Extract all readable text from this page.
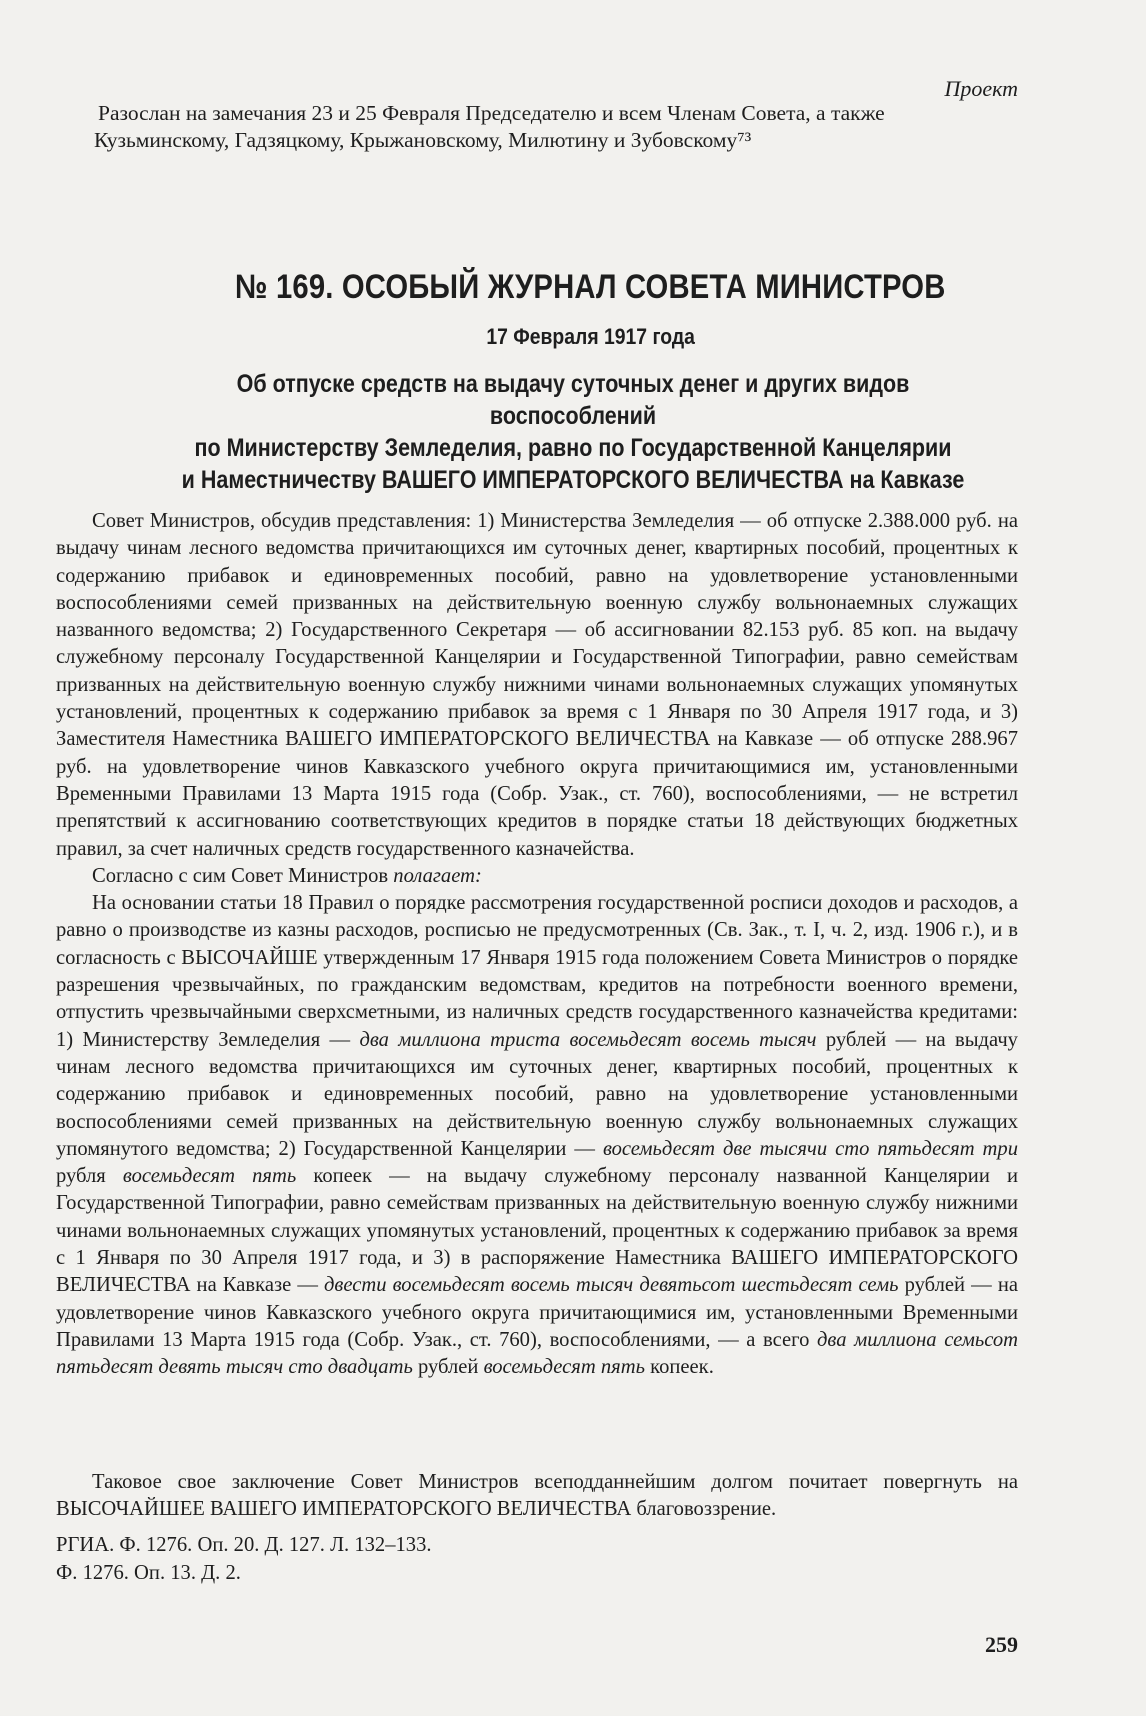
Проект
Разослан на замечания 23 и 25 Февраля Председателю и всем Членам Совета, а также Кузьминскому, Гадзяцкому, Крыжановскому, Милютину и Зубовскому⁷³
№ 169. ОСОБЫЙ ЖУРНАЛ СОВЕТА МИНИСТРОВ
17 Февраля 1917 года
Об отпуске средств на выдачу суточных денег и других видов воспособлений
по Министерству Земледелия, равно по Государственной Канцелярии
и Наместничеству ВАШЕГО ИМПЕРАТОРСКОГО ВЕЛИЧЕСТВА на Кавказе

Совет Министров, обсудив представления: 1) Министерства Земледелия — об отпуске 2.388.000 руб. на выдачу чинам лесного ведомства причитающихся им суточных денег, квартирных пособий, процентных к содержанию прибавок и единовременных пособий, равно на удовлетворение установленными воспособлениями семей призванных на действительную военную службу вольнонаемных служащих названного ведомства; 2) Государственного Секретаря — об ассигновании 82.153 руб. 85 коп. на выдачу служебному персоналу Государственной Канцелярии и Государственной Типографии, равно семействам призванных на действительную военную службу нижними чинами вольнонаемных служащих упомянутых установлений, процентных к содержанию прибавок за время с 1 Января по 30 Апреля 1917 года, и 3) Заместителя Наместника ВАШЕГО ИМПЕРАТОРСКОГО ВЕЛИЧЕСТВА на Кавказе — об отпуске 288.967 руб. на удовлетворение чинов Кавказского учебного округа причитающимися им, установленными Временными Правилами 13 Марта 1915 года (Собр. Узак., ст. 760), воспособлениями, — не встретил препятствий к ассигнованию соответствующих кредитов в порядке статьи 18 действующих бюджетных правил, за счет наличных средств государственного казначейства.

Согласно с сим Совет Министров полагает:

На основании статьи 18 Правил о порядке рассмотрения государственной росписи доходов и расходов, а равно о производстве из казны расходов, росписью не предусмотренных (Св. Зак., т. I, ч. 2, изд. 1906 г.), и в согласность с ВЫСОЧАЙШЕ утвержденным 17 Января 1915 года положением Совета Министров о порядке разрешения чрезвычайных, по гражданским ведомствам, кредитов на потребности военного времени, отпустить чрезвычайными сверхсметными, из наличных средств государственного казначейства кредитами: 1) Министерству Земледелия — два миллиона триста восемьдесят восемь тысяч рублей — на выдачу чинам лесного ведомства причитающихся им суточных денег, квартирных пособий, процентных к содержанию прибавок и единовременных пособий, равно на удовлетворение установленными воспособлениями семей призванных на действительную военную службу вольнонаемных служащих упомянутого ведомства; 2) Государственной Канцелярии — восемьдесят две тысячи сто пятьдесят три рубля восемьдесят пять копеек — на выдачу служебному персоналу названной Канцелярии и Государственной Типографии, равно семействам призванных на действительную военную службу нижними чинами вольнонаемных служащих упомянутых установлений, процентных к содержанию прибавок за время с 1 Января по 30 Апреля 1917 года, и 3) в распоряжение Наместника ВАШЕГО ИМПЕРАТОРСКОГО ВЕЛИЧЕСТВА на Кавказе — двести восемьдесят восемь тысяч девятьсот шестьдесят семь рублей — на удовлетворение чинов Кавказского учебного округа причитающимися им, установленными Временными Правилами 13 Марта 1915 года (Собр. Узак., ст. 760), воспособлениями, — а всего два миллиона семьсот пятьдесят девять тысяч сто двадцать рублей восемьдесят пять копеек.

Таковое свое заключение Совет Министров всеподданнейшим долгом почитает повергнуть на ВЫСОЧАЙШЕЕ ВАШЕГО ИМПЕРАТОРСКОГО ВЕЛИЧЕСТВА благовоззрение.

РГИА. Ф. 1276. Оп. 20. Д. 127. Л. 132–133.
Ф. 1276. Оп. 13. Д. 2.
259
